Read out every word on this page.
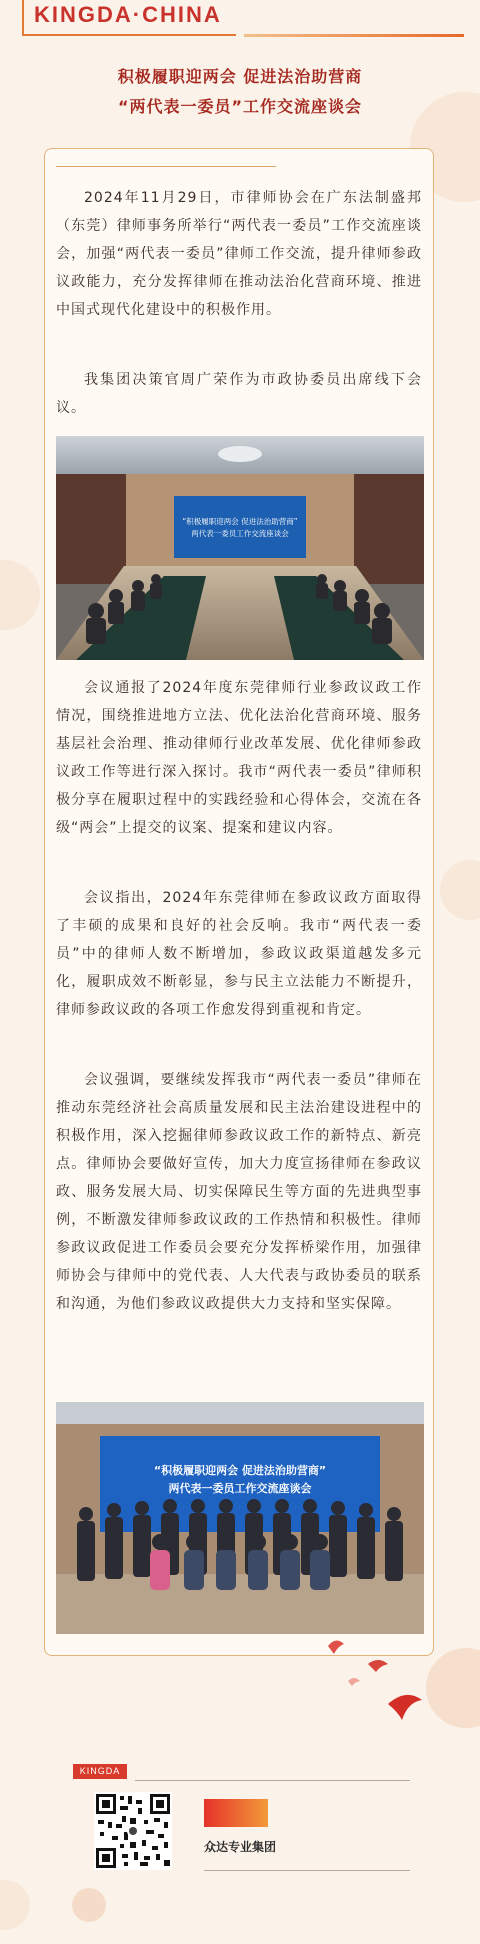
KINGDA·CHINA
积极履职迎两会 促进法治助营商
“两代表一委员”工作交流座谈会

2024年11月29日，市律师协会在广东法制盛邦（东莞）律师事务所举行“两代表一委员”工作交流座谈会，加强“两代表一委员”律师工作交流，提升律师参政议政能力，充分发挥律师在推动法治化营商环境、推进中国式现代化建设中的积极作用。

我集团决策官周广荣作为市政协委员出席线下会议。

“积极履职迎两会 促进法治助营商”
两代表一委员工作交流座谈会

会议通报了2024年度东莞律师行业参政议政工作情况，围绕推进地方立法、优化法治化营商环境、服务基层社会治理、推动律师行业改革发展、优化律师参政议政工作等进行深入探讨。我市“两代表一委员”律师积极分享在履职过程中的实践经验和心得体会，交流在各级“两会”上提交的议案、提案和建议内容。

会议指出，2024年东莞律师在参政议政方面取得了丰硕的成果和良好的社会反响。我市“两代表一委员”中的律师人数不断增加，参政议政渠道越发多元化，履职成效不断彰显，参与民主立法能力不断提升，律师参政议政的各项工作愈发得到重视和肯定。

会议强调，要继续发挥我市“两代表一委员”律师在推动东莞经济社会高质量发展和民主法治建设进程中的积极作用，深入挖掘律师参政议政工作的新特点、新亮点。律师协会要做好宣传，加大力度宣扬律师在参政议政、服务发展大局、切实保障民生等方面的先进典型事例，不断激发律师参政议政的工作热情和积极性。律师参政议政促进工作委员会要充分发挥桥梁作用，加强律师协会与律师中的党代表、人大代表与政协委员的联系和沟通，为他们参政议政提供大力支持和坚实保障。

“积极履职迎两会 促进法治助营商”
两代表一委员工作交流座谈会
KINGDA
众达专业集团
